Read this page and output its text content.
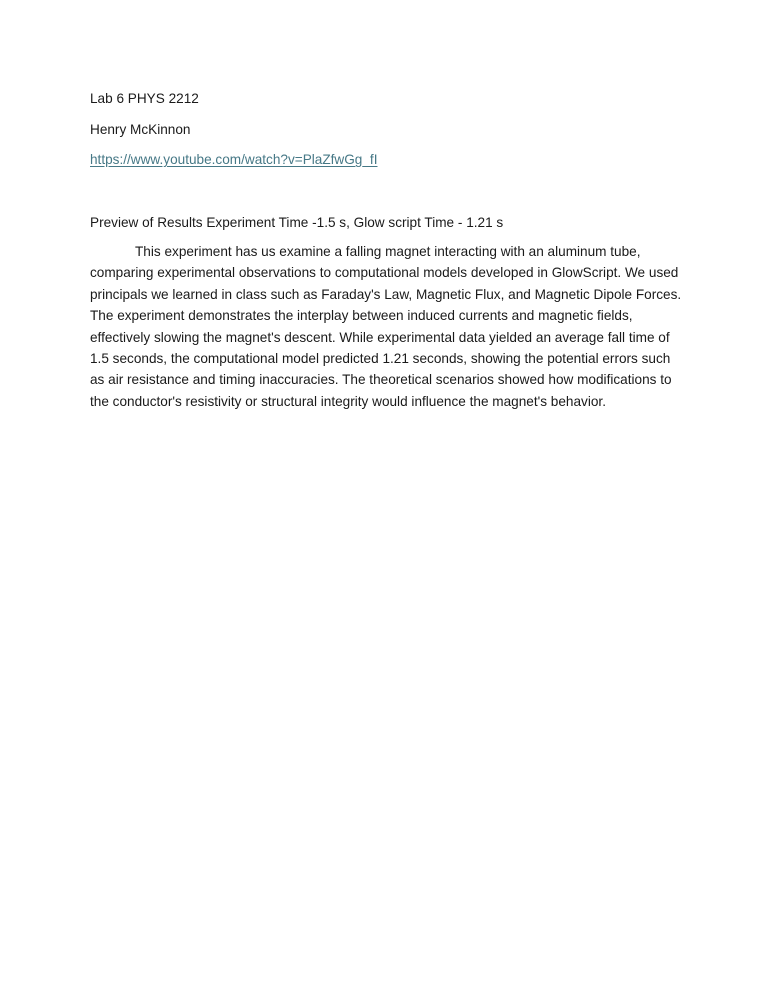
Lab 6 PHYS 2212

Henry McKinnon

https://www.youtube.com/watch?v=PlaZfwGg_fI

Preview of Results Experiment Time -1.5 s, Glow script Time - 1.21 s

This experiment has us examine a falling magnet interacting with an aluminum tube, comparing experimental observations to computational models developed in GlowScript. We used principals we learned in class such as Faraday's Law, Magnetic Flux, and Magnetic Dipole Forces. The experiment demonstrates the interplay between induced currents and magnetic fields, effectively slowing the magnet's descent. While experimental data yielded an average fall time of 1.5 seconds, the computational model predicted 1.21 seconds, showing the potential errors such as air resistance and timing inaccuracies. The theoretical scenarios showed how modifications to the conductor's resistivity or structural integrity would influence the magnet's behavior.
